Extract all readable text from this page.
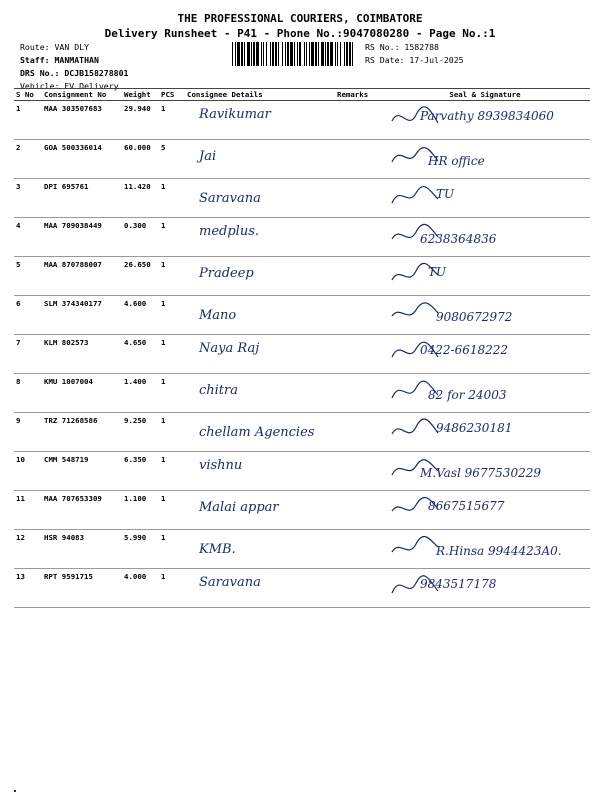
THE PROFESSIONAL COURIERS, COIMBATORE
Delivery Runsheet - P41 - Phone No.:9047080280 - Page No.:1
Route: VAN DLY
Staff: MANMATHAN
DRS No.: DCJB158278801
Vehicle: EV Delivery
RS No.: 1582788
RS Date: 17-Jul-2025
S No	Consignment No	Weight	PCS	Consignee Details	Remarks	Seal & Signature
1	MAA 303507683	29.940	1	Ravikumar		Parvathy 8939834060

2	GOA 500336014	60.000	5	Jai		HR office

3	DPI 695761	11.420	1	Saravana		TU

4	MAA 709038449	0.300	1	medplus.		6238364836

5	MAA 870788007	26.650	1	Pradeep		TU

6	SLM 374340177	4.600	1	Mano		9080672972

7	KLM 802573	4.650	1	Naya Raj		0422-6618222

8	KMU 1007004	1.400	1	chitra		82 for 24003

9	TRZ 71268586	9.250	1	chellam Agencies		9486230181

10	CMM 548719	6.350	1	vishnu		M.Vasl 9677530229

11	MAA 707653309	1.100	1	Malai appar		8667515677

12	HSR 94083	5.990	1	KMB.		R.Hinsa 9944423A0.

13	RPT 9591715	4.000	1	Saravana		9843517178
